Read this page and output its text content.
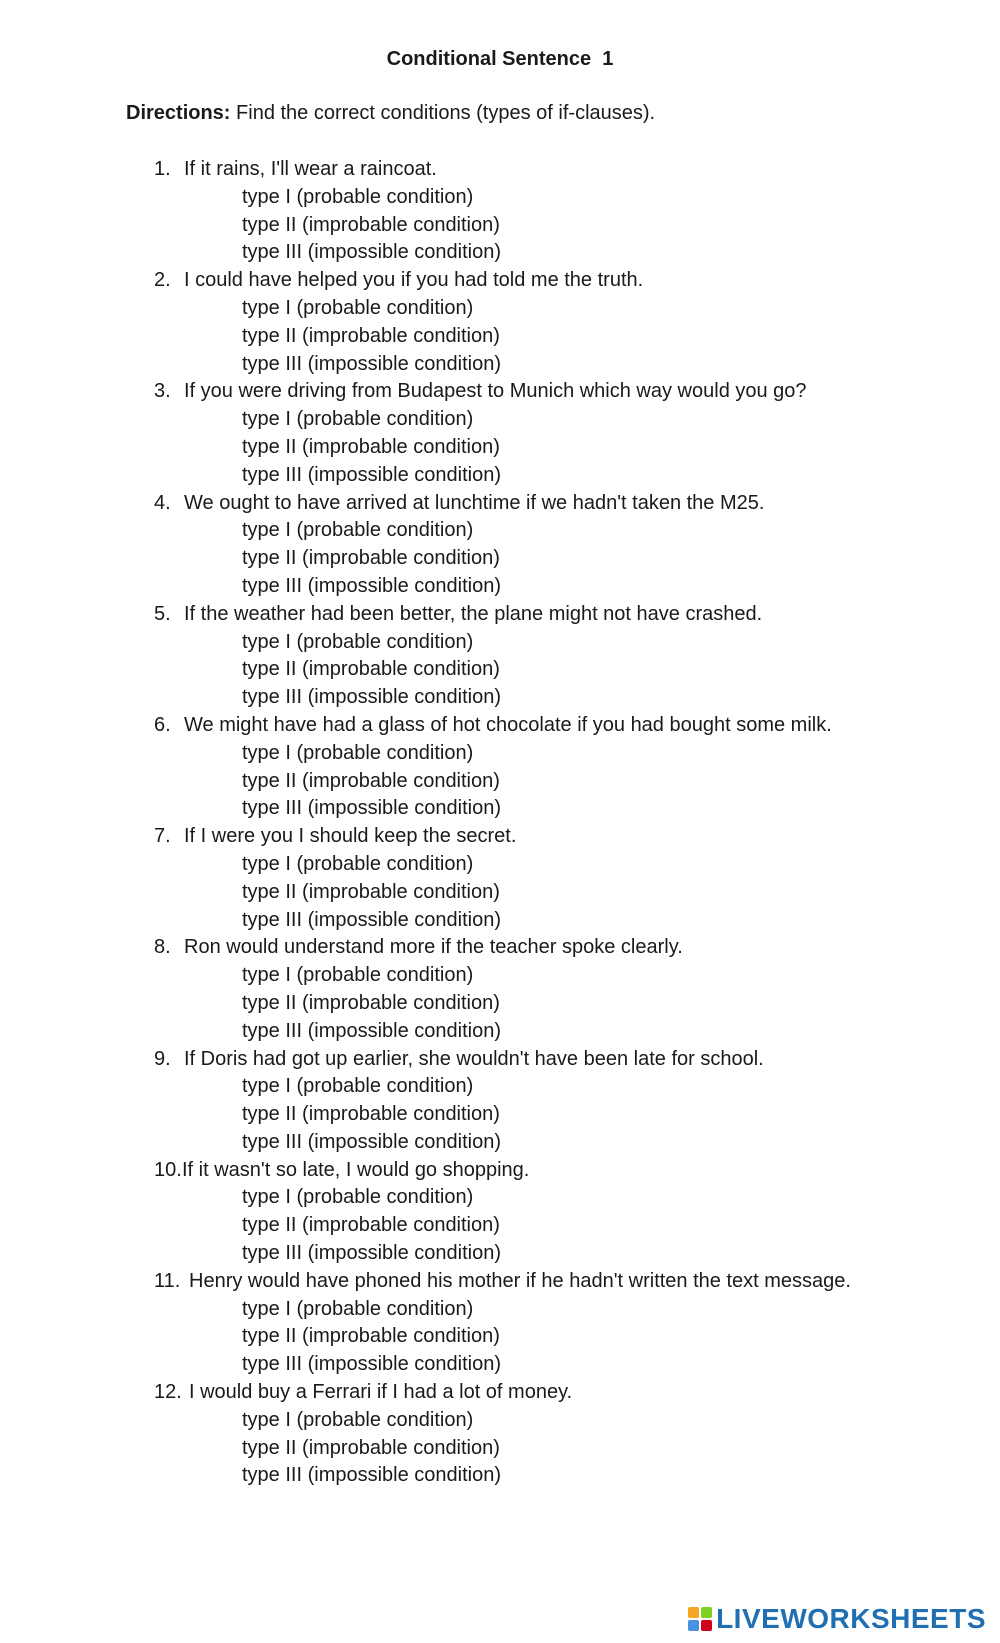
Conditional Sentence  1

Directions: Find the correct conditions (types of if-clauses).

1. If it rains, I'll wear a raincoat.
type I (probable condition)
type II (improbable condition)
type III (impossible condition)
2. I could have helped you if you had told me the truth.
type I (probable condition)
type II (improbable condition)
type III (impossible condition)
3. If you were driving from Budapest to Munich which way would you go?
type I (probable condition)
type II (improbable condition)
type III (impossible condition)
4. We ought to have arrived at lunchtime if we hadn't taken the M25.
type I (probable condition)
type II (improbable condition)
type III (impossible condition)
5. If the weather had been better, the plane might not have crashed.
type I (probable condition)
type II (improbable condition)
type III (impossible condition)
6. We might have had a glass of hot chocolate if you had bought some milk.
type I (probable condition)
type II (improbable condition)
type III (impossible condition)
7. If I were you I should keep the secret.
type I (probable condition)
type II (improbable condition)
type III (impossible condition)
8. Ron would understand more if the teacher spoke clearly.
type I (probable condition)
type II (improbable condition)
type III (impossible condition)
9. If Doris had got up earlier, she wouldn't have been late for school.
type I (probable condition)
type II (improbable condition)
type III (impossible condition)
10. If it wasn't so late, I would go shopping.
type I (probable condition)
type II (improbable condition)
type III (impossible condition)
11. Henry would have phoned his mother if he hadn't written the text message.
type I (probable condition)
type II (improbable condition)
type III (impossible condition)
12. I would buy a Ferrari if I had a lot of money.
type I (probable condition)
type II (improbable condition)
type III (impossible condition)
LIVEWORKSHEETS
